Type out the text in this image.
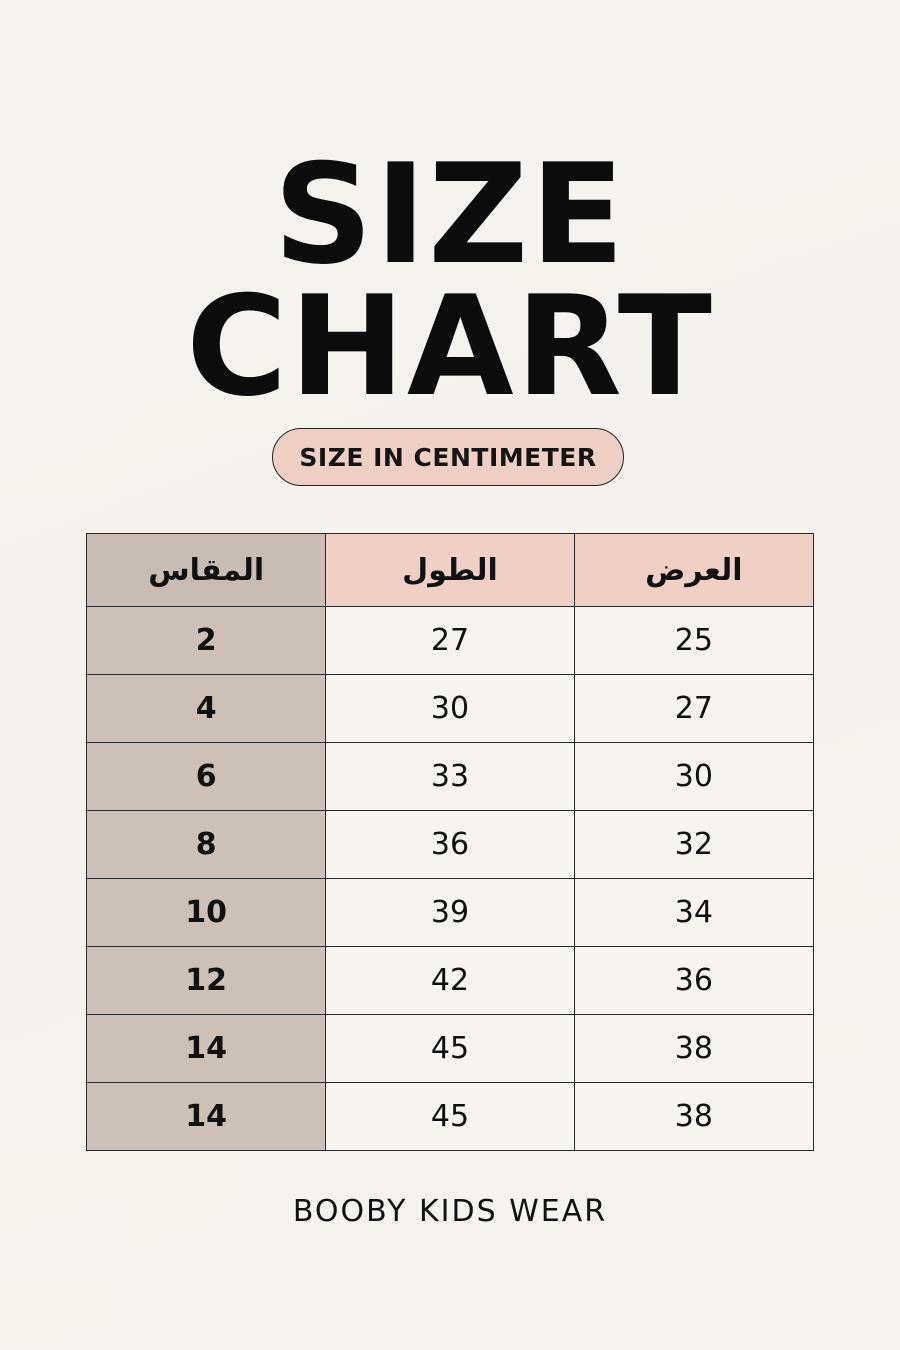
SIZE
CHART
SIZE IN CENTIMETER
المقاس	الطول	العرض
2	27	25
4	30	27
6	33	30
8	36	32
10	39	34
12	42	36
14	45	38
14	45	38
BOOBY KIDS WEAR
